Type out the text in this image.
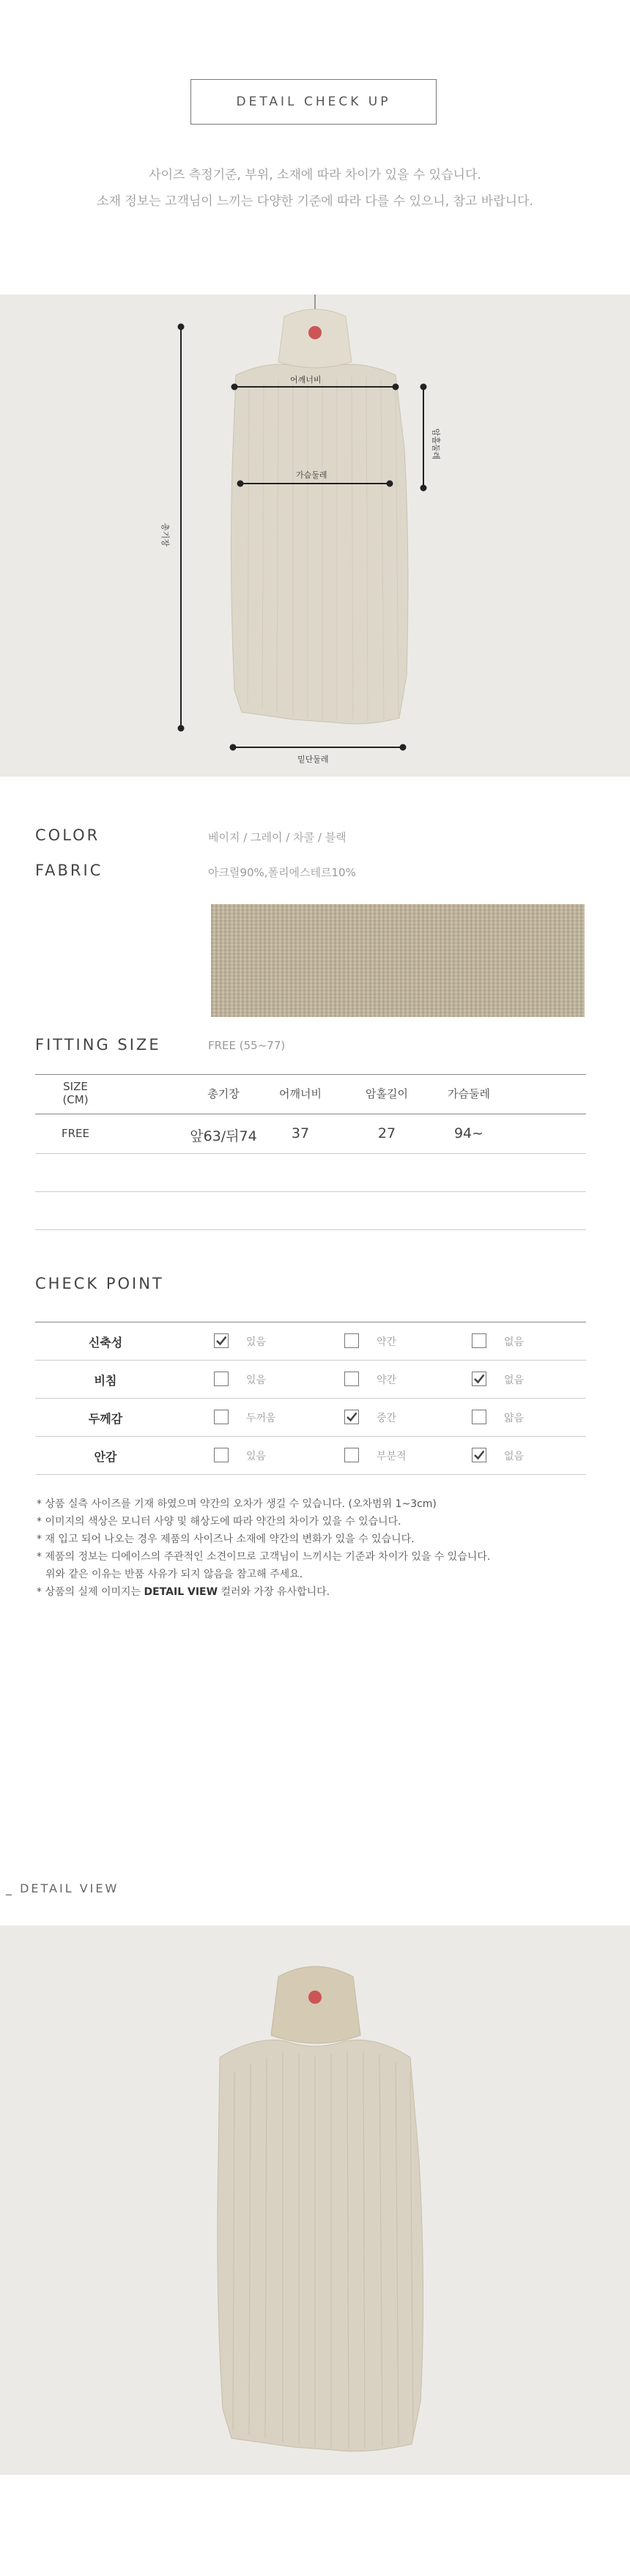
DETAIL CHECK UP
사이즈 측정기준, 부위, 소재에 따라 차이가 있을 수 있습니다.
소재 정보는 고객님이 느끼는 다양한 기준에 따라 다를 수 있으니, 참고 바랍니다.
어깨너비
가슴둘레
총기장
암홀둘레
밑단둘레
COLOR	베이지 / 그레이 / 차콜 / 블랙
FABRIC	아크릴90%,폴리에스테르10%
FITTING SIZE	FREE (55~77)
SIZE
(CM)	총기장	어깨너비	암홀길이	가슴둘레
FREE	앞63/뒤74	37	27	94~
CHECK POINT
신축성	있음	약간	없음
비침	있음	약간	없음
두께감	두꺼움	중간	얇음
안감	있음	부분적	없음
* 상품 실측 사이즈를 기재 하였으며 약간의 오차가 생길 수 있습니다. (오차범위 1~3cm)
* 이미지의 색상은 모니터 사양 및 해상도에 따라 약간의 차이가 있을 수 있습니다.
* 재 입고 되어 나오는 경우 제품의 사이즈나 소재에 약간의 변화가 있을 수 있습니다.
* 제품의 정보는 디에이스의 주관적인 소견이므로 고객님이 느끼시는 기준과 차이가 있을 수 있습니다.
위와 같은 이유는 반품 사유가 되지 않음을 참고해 주세요.
* 상품의 실제 이미지는 DETAIL VIEW 컬러와 가장 유사합니다.
_ DETAIL VIEW
